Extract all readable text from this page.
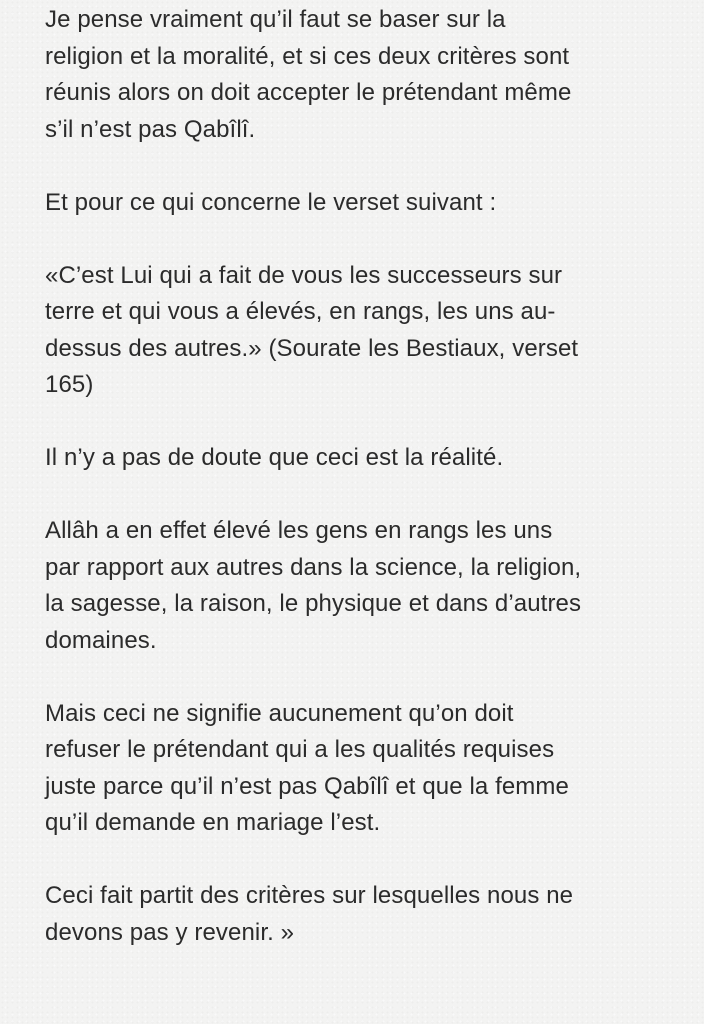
Je pense vraiment qu’il faut se baser sur la
religion et la moralité, et si ces deux critères sont
réunis alors on doit accepter le prétendant même
s’il n’est pas Qabîlî.

Et pour ce qui concerne le verset suivant :

«C’est Lui qui a fait de vous les successeurs sur
terre et qui vous a élevés, en rangs, les uns au-
dessus des autres.» (Sourate les Bestiaux, verset
165)

Il n’y a pas de doute que ceci est la réalité.

Allâh a en effet élevé les gens en rangs les uns
par rapport aux autres dans la science, la religion,
la sagesse, la raison, le physique et dans d’autres
domaines.

Mais ceci ne signifie aucunement qu’on doit
refuser le prétendant qui a les qualités requises
juste parce qu’il n’est pas Qabîlî et que la femme
qu’il demande en mariage l’est.

Ceci fait partit des critères sur lesquelles nous ne
devons pas y revenir. »
